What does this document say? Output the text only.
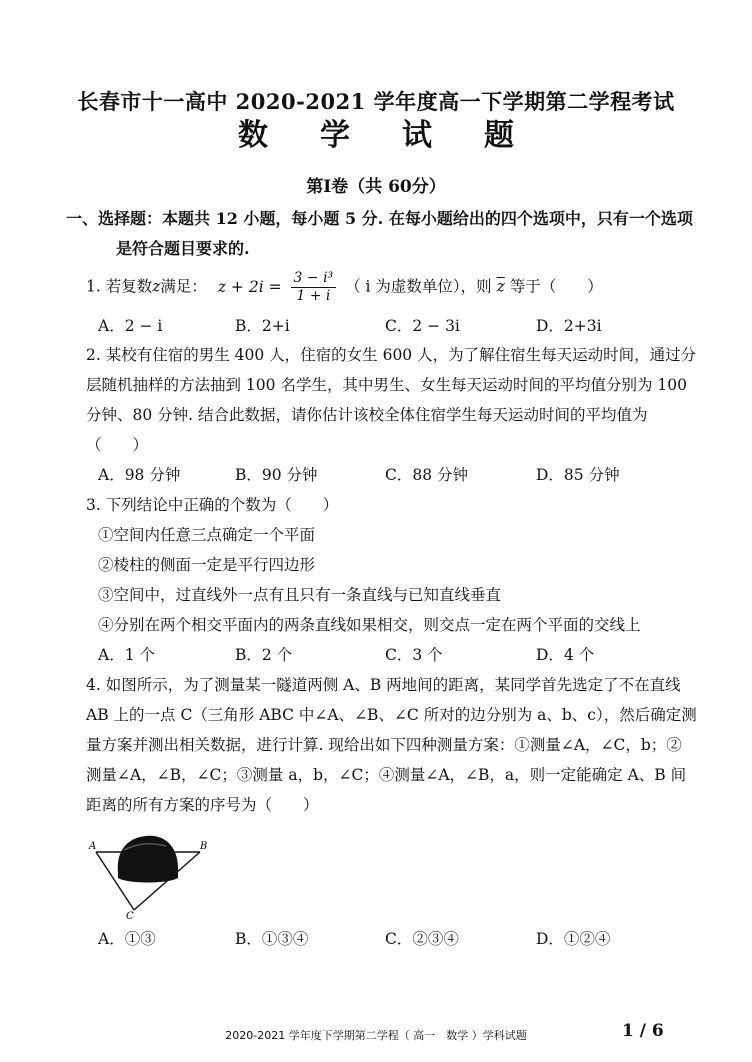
长春市十一高中 2020-2021 学年度高一下学期第二学程考试
数 学 试 题
第Ⅰ卷（共 60分）
一、选择题：本题共 12 小题，每小题 5 分. 在每小题给出的四个选项中，只有一个选项
是符合题目要求的.
1. 若复数z满足： $z + 2i = \frac{\text{3 − i³}}{1 + i}$ （ i 为虚数单位），则 $\overline{z}$ 等于（　　）
A．2 − i	B．2+i	C．2 − 3i	D．2+3i
2. 某校有住宿的男生 400 人，住宿的女生 600 人，为了解住宿生每天运动时间，通过分
层随机抽样的方法抽到 100 名学生，其中男生、女生每天运动时间的平均值分别为 100
分钟、80 分钟. 结合此数据，请你估计该校全体住宿学生每天运动时间的平均值为
（　　）
A．98 分钟	B．90 分钟	C．88 分钟	D．85 分钟
3. 下列结论中正确的个数为（　　）
①空间内任意三点确定一个平面
②棱柱的侧面一定是平行四边形
③空间中，过直线外一点有且只有一条直线与已知直线垂直
④分别在两个相交平面内的两条直线如果相交，则交点一定在两个平面的交线上
A．1 个	B．2 个	C．3 个	D．4 个
4. 如图所示，为了测量某一隧道两侧 A、B 两地间的距离，某同学首先选定了不在直线
AB 上的一点 C（三角形 ABC 中∠A、∠B、∠C 所对的边分别为 a、b、c），然后确定测
量方案并测出相关数据，进行计算. 现给出如下四种测量方案：①测量∠A，∠C，b；②
测量∠A，∠B，∠C；③测量 a，b，∠C；④测量∠A，∠B，a，则一定能确定 A、B 间
距离的所有方案的序号为（　　）
A	B
C
A．①③	B．①③④	C．②③④	D．①②④
2020-2021 学年度下学期第二学程（ 高一　数学 ）学科试题	1 / 6
